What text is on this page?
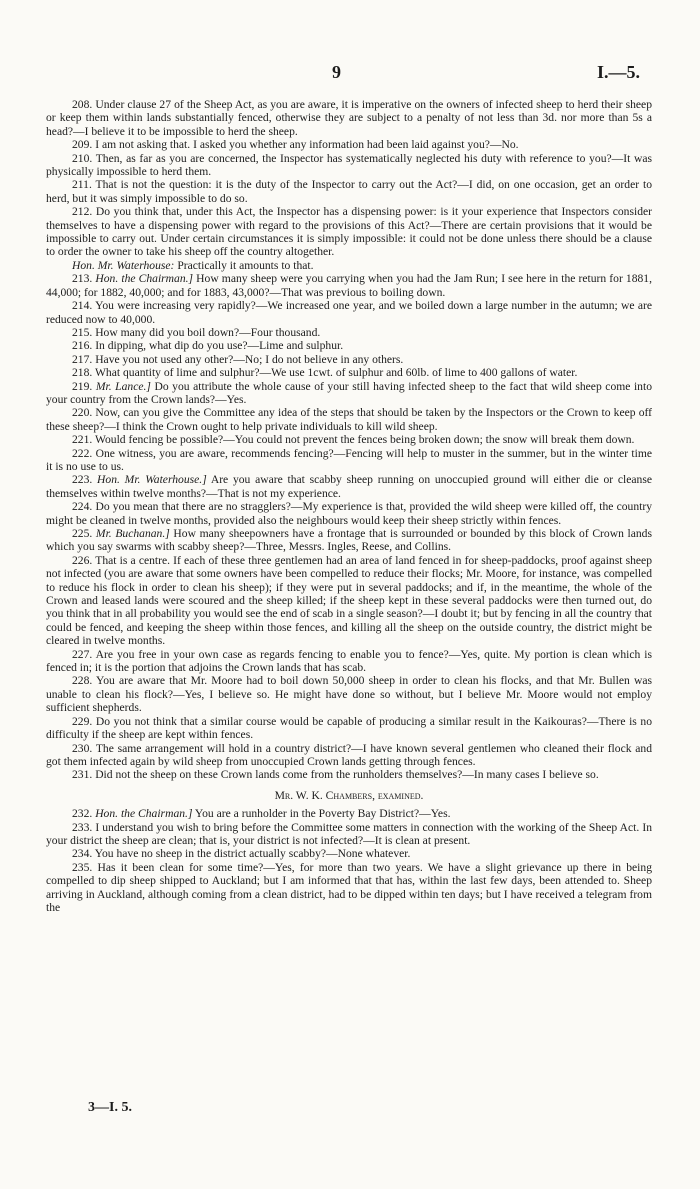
9	I.—5.

208. Under clause 27 of the Sheep Act, as you are aware, it is imperative on the owners of infected sheep to herd their sheep or keep them within lands substantially fenced, otherwise they are subject to a penalty of not less than 3d. nor more than 5s a head?—I believe it to be impossible to herd the sheep.

209. I am not asking that. I asked you whether any information had been laid against you?—No.

210. Then, as far as you are concerned, the Inspector has systematically neglected his duty with reference to you?—It was physically impossible to herd them.

211. That is not the question: it is the duty of the Inspector to carry out the Act?—I did, on one occasion, get an order to herd, but it was simply impossible to do so.

212. Do you think that, under this Act, the Inspector has a dispensing power: is it your experience that Inspectors consider themselves to have a dispensing power with regard to the provisions of this Act?—There are certain provisions that it would be impossible to carry out. Under certain circumstances it is simply impossible: it could not be done unless there should be a clause to order the owner to take his sheep off the country altogether.

Hon. Mr. Waterhouse: Practically it amounts to that.

213. Hon. the Chairman.] How many sheep were you carrying when you had the Jam Run; I see here in the return for 1881, 44,000; for 1882, 40,000; and for 1883, 43,000?—That was previous to boiling down.

214. You were increasing very rapidly?—We increased one year, and we boiled down a large number in the autumn; we are reduced now to 40,000.

215. How many did you boil down?—Four thousand.

216. In dipping, what dip do you use?—Lime and sulphur.

217. Have you not used any other?—No; I do not believe in any others.

218. What quantity of lime and sulphur?—We use 1cwt. of sulphur and 60lb. of lime to 400 gallons of water.

219. Mr. Lance.] Do you attribute the whole cause of your still having infected sheep to the fact that wild sheep come into your country from the Crown lands?—Yes.

220. Now, can you give the Committee any idea of the steps that should be taken by the Inspectors or the Crown to keep off these sheep?—I think the Crown ought to help private individuals to kill wild sheep.

221. Would fencing be possible?—You could not prevent the fences being broken down; the snow will break them down.

222. One witness, you are aware, recommends fencing?—Fencing will help to muster in the summer, but in the winter time it is no use to us.

223. Hon. Mr. Waterhouse.] Are you aware that scabby sheep running on unoccupied ground will either die or cleanse themselves within twelve months?—That is not my experience.

224. Do you mean that there are no stragglers?—My experience is that, provided the wild sheep were killed off, the country might be cleaned in twelve months, provided also the neighbours would keep their sheep strictly within fences.

225. Mr. Buchanan.] How many sheepowners have a frontage that is surrounded or bounded by this block of Crown lands which you say swarms with scabby sheep?—Three, Messrs. Ingles, Reese, and Collins.

226. That is a centre. If each of these three gentlemen had an area of land fenced in for sheep-paddocks, proof against sheep not infected (you are aware that some owners have been compelled to reduce their flocks; Mr. Moore, for instance, was compelled to reduce his flock in order to clean his sheep); if they were put in several paddocks; and if, in the meantime, the whole of the Crown and leased lands were scoured and the sheep killed; if the sheep kept in these several paddocks were then turned out, do you think that in all probability you would see the end of scab in a single season?—I doubt it; but by fencing in all the country that could be fenced, and keeping the sheep within those fences, and killing all the sheep on the outside country, the district might be cleared in twelve months.

227. Are you free in your own case as regards fencing to enable you to fence?—Yes, quite. My portion is clean which is fenced in; it is the portion that adjoins the Crown lands that has scab.

228. You are aware that Mr. Moore had to boil down 50,000 sheep in order to clean his flocks, and that Mr. Bullen was unable to clean his flock?—Yes, I believe so. He might have done so without, but I believe Mr. Moore would not employ sufficient shepherds.

229. Do you not think that a similar course would be capable of producing a similar result in the Kaikouras?—There is no difficulty if the sheep are kept within fences.

230. The same arrangement will hold in a country district?—I have known several gentlemen who cleaned their flock and got them infected again by wild sheep from unoccupied Crown lands getting through fences.

231. Did not the sheep on these Crown lands come from the runholders themselves?—In many cases I believe so.

Mr. W. K. Chambers, examined.

232. Hon. the Chairman.] You are a runholder in the Poverty Bay District?—Yes.

233. I understand you wish to bring before the Committee some matters in connection with the working of the Sheep Act. In your district the sheep are clean; that is, your district is not infected?—It is clean at present.

234. You have no sheep in the district actually scabby?—None whatever.

235. Has it been clean for some time?—Yes, for more than two years. We have a slight grievance up there in being compelled to dip sheep shipped to Auckland; but I am informed that that has, within the last few days, been attended to. Sheep arriving in Auckland, although coming from a clean district, had to be dipped within ten days; but I have received a telegram from the

3—I. 5.
